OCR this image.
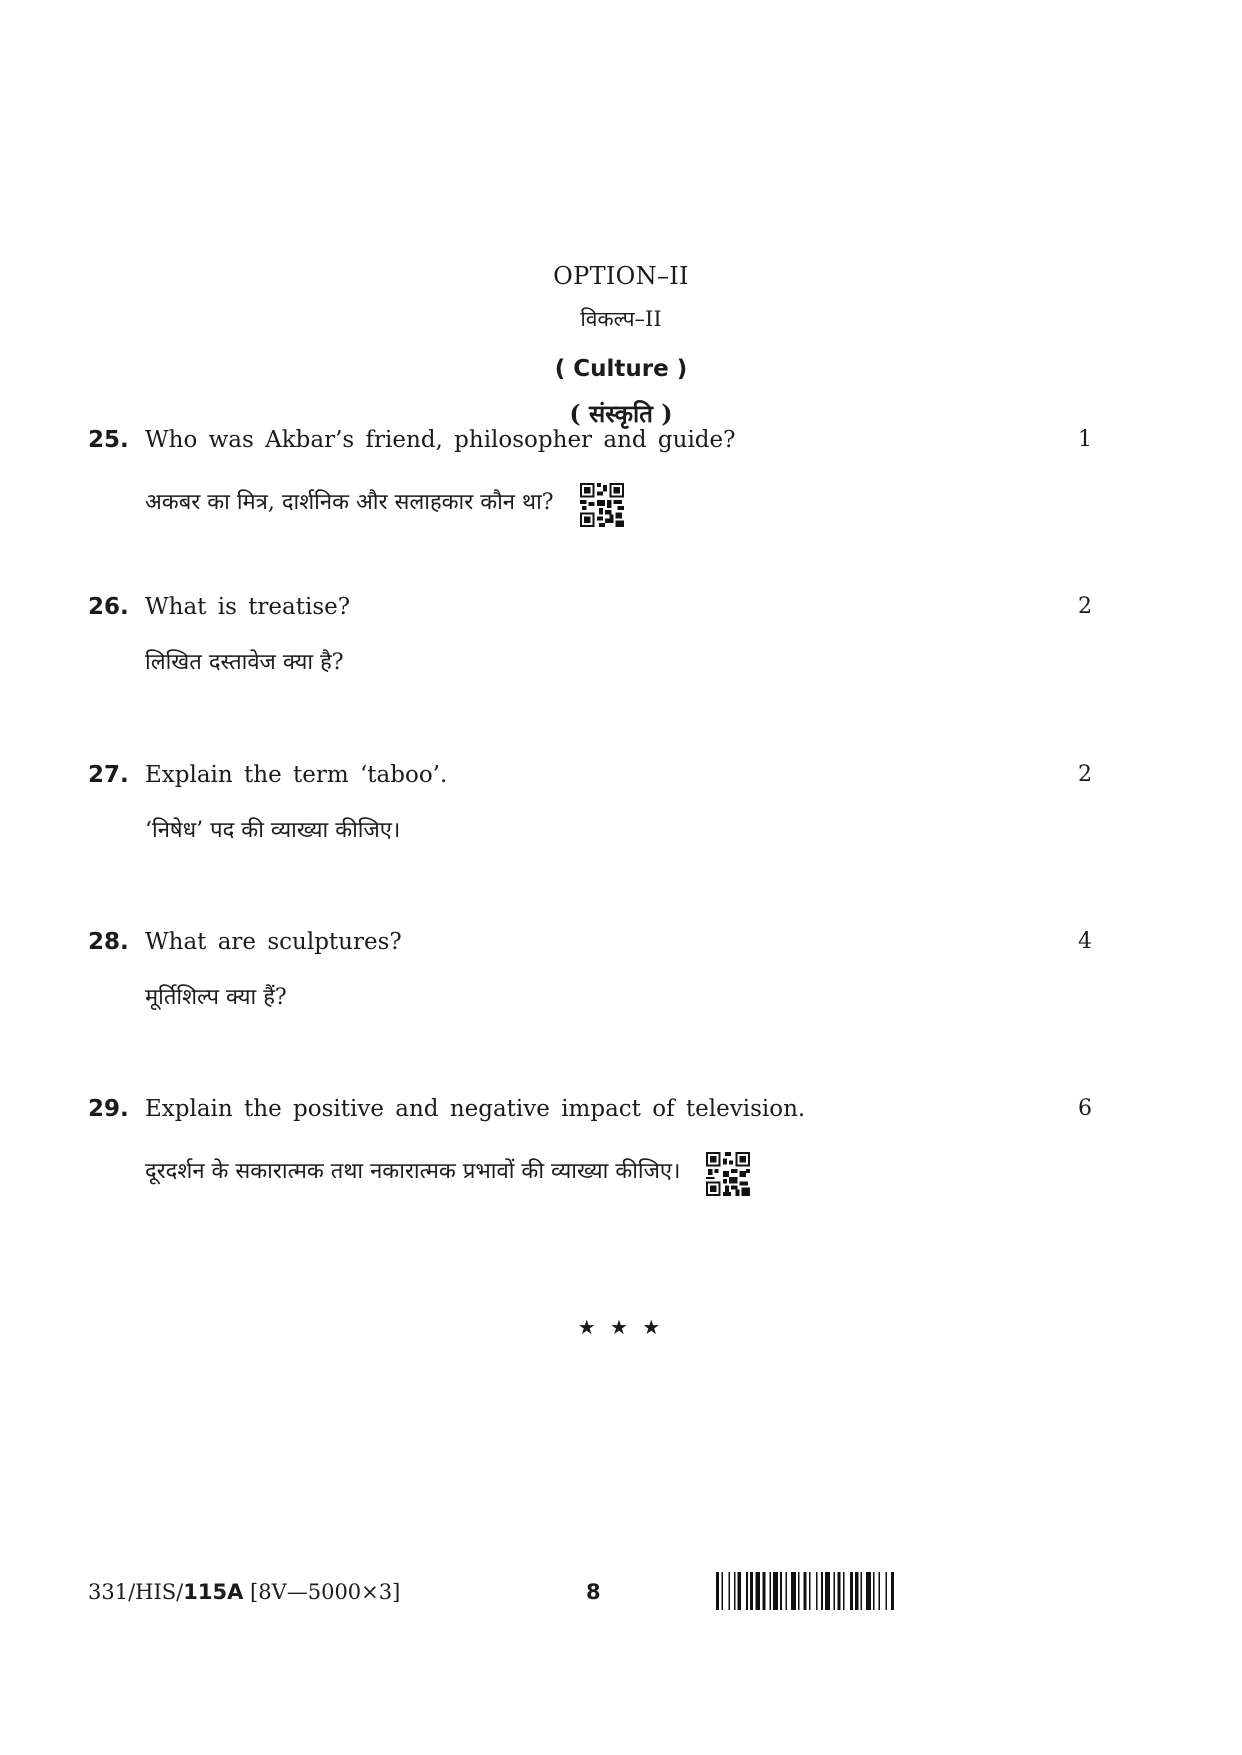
OPTION–II
विकल्प–II
( Culture )
( संस्कृति )
25. Who was Akbar’s friend, philosopher and guide?	1
अकबर का मित्र, दार्शनिक और सलाहकार कौन था?
26. What is treatise?	2
लिखित दस्तावेज क्या है?
27. Explain the term ‘taboo’.	2
‘निषेध’ पद की व्याख्या कीजिए।
28. What are sculptures?	4
मूर्तिशिल्प क्या हैं?
29. Explain the positive and negative impact of television.	6
दूरदर्शन के सकारात्मक तथा नकारात्मक प्रभावों की व्याख्या कीजिए।
★ ★ ★
331/HIS/115A [8V—5000×3]	8
